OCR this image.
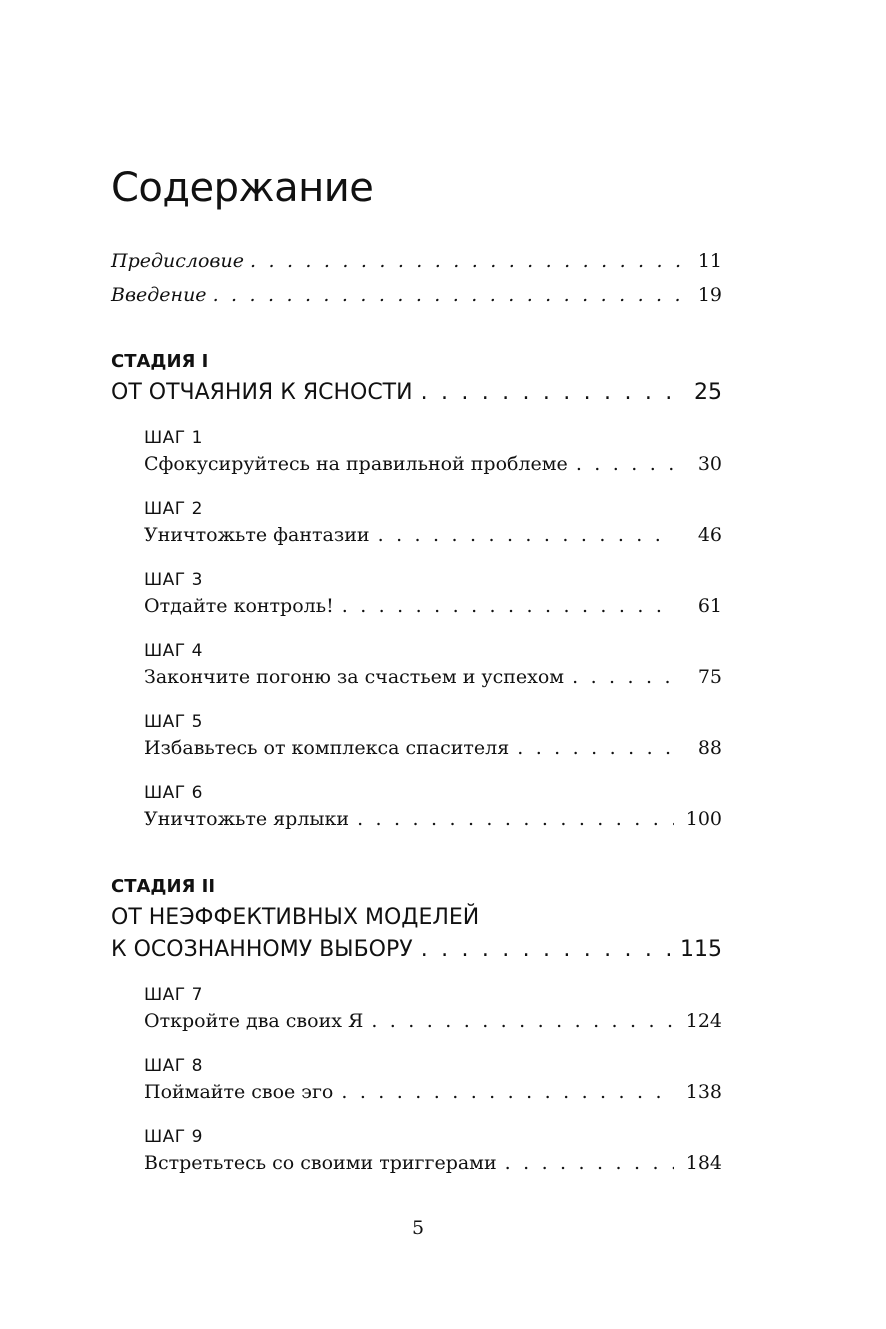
Содержание
Предисловие . . .	11
Введение . . .	19
СТАДИЯ I
ОТ ОТЧАЯНИЯ К ЯСНОСТИ . . .	25
ШАГ 1
Сфокусируйтесь на правильной проблеме . . .	30
ШАГ 2
Уничтожьте фантазии . . .	46
ШАГ 3
Отдайте контроль! . . .	61
ШАГ 4
Закончите погоню за счастьем и успехом . . .	75
ШАГ 5
Избавьтесь от комплекса спасителя . . .	88
ШАГ 6
Уничтожьте ярлыки . . .	100
СТАДИЯ II
ОТ НЕЭФФЕКТИВНЫХ МОДЕЛЕЙ
К ОСОЗНАННОМУ ВЫБОРУ . . .	115
ШАГ 7
Откройте два своих Я . . .	124
ШАГ 8
Поймайте свое эго . . .	138
ШАГ 9
Встретьтесь со своими триггерами . . .	184
5
